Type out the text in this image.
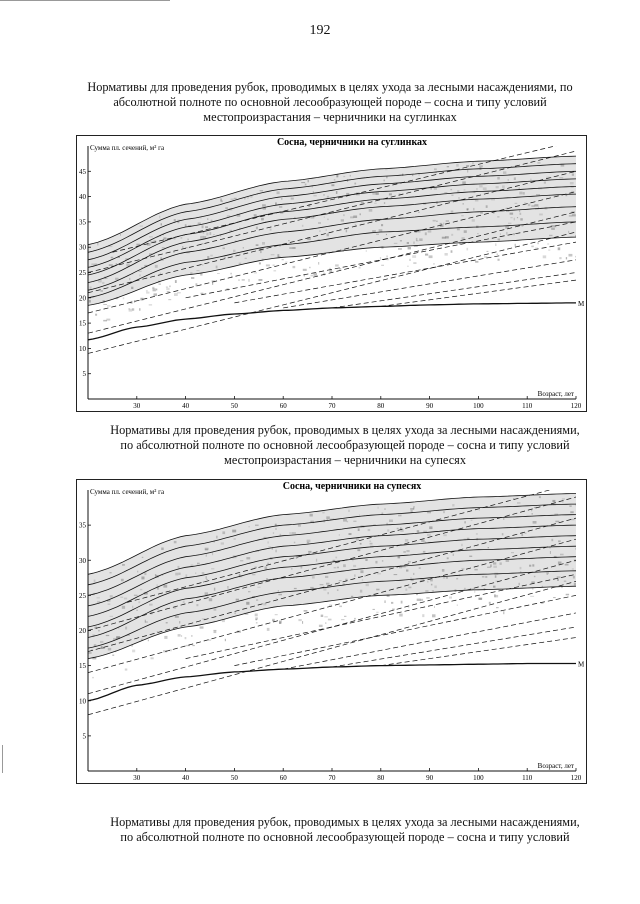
192
Нормативы для проведения рубок, проводимых в целях ухода за лесными насаждениями, по
абсолютной полноте по основной лесообразующей породе – сосна и типу условий
местопроизрастания – черничники на суглинках
М
5
10
15
20
25
30
35
40
45
30	40	50	60	70	80	90	100	110	120
Сосна, черничники на суглинках
Сумма пл. сечений, м² га
Возраст, лет
Нормативы для проведения рубок, проводимых в целях ухода за лесными насаждениями,
по абсолютной полноте по основной лесообразующей породе – сосна и типу условий
местопроизрастания – черничники на супесях
М
5
10
15
20
25
30
35
30	40	50	60	70	80	90	100	110	120
Сосна, черничники на супесях
Сумма пл. сечений, м² га
Возраст, лет
Нормативы для проведения рубок, проводимых в целях ухода за лесными насаждениями,
по абсолютной полноте по основной лесообразующей породе – сосна и типу условий
